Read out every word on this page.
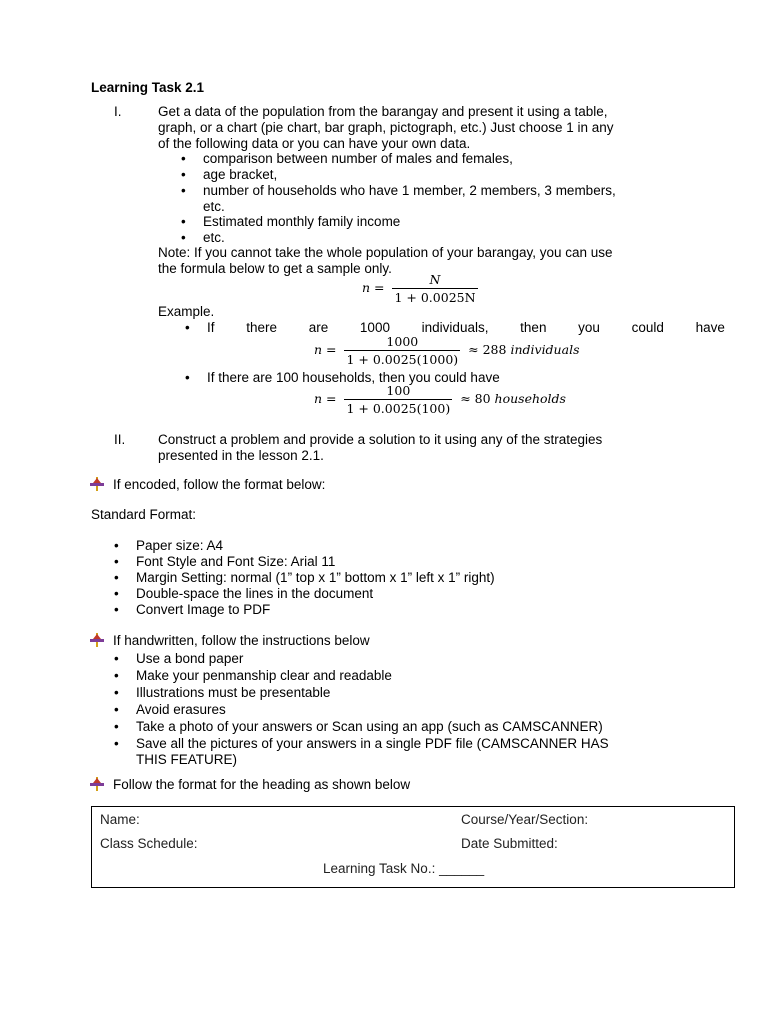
Learning Task 2.1
I.	Get a data of the population from the barangay and present it using a table,
graph, or a chart (pie chart, bar graph, pictograph, etc.) Just choose 1 in any
of the following data or you can have your own data.
• comparison between number of males and females,
• age bracket,
• number of households who have 1 member, 2 members, 3 members,
etc.
• Estimated monthly family income
• etc.
Note: If you cannot take the whole population of your barangay, you can use
the formula below to get a sample only.
$n = \frac{N}{1 + 0.0025N}$
Example.
• If there are 1000 individuals, then you could have
$n = \frac{1000}{1 + 0.0025(1000)} \approx 288$ individuals
• If there are 100 households, then you could have
$n = \frac{100}{1 + 0.0025(100)} \approx 80$ households
II. Construct a problem and provide a solution to it using any of the strategies
presented in the lesson 2.1.
If encoded, follow the format below:
Standard Format:
• Paper size: A4
• Font Style and Font Size: Arial 11
• Margin Setting: normal (1” top x 1” bottom x 1” left x 1” right)
• Double-space the lines in the document
• Convert Image to PDF
If handwritten, follow the instructions below
• Use a bond paper
• Make your penmanship clear and readable
• Illustrations must be presentable
• Avoid erasures
• Take a photo of your answers or Scan using an app (such as CAMSCANNER)
• Save all the pictures of your answers in a single PDF file (CAMSCANNER HAS
THIS FEATURE)
Follow the format for the heading as shown below
Name:	Course/Year/Section:
Class Schedule:	Date Submitted:
Learning Task No.: ______
